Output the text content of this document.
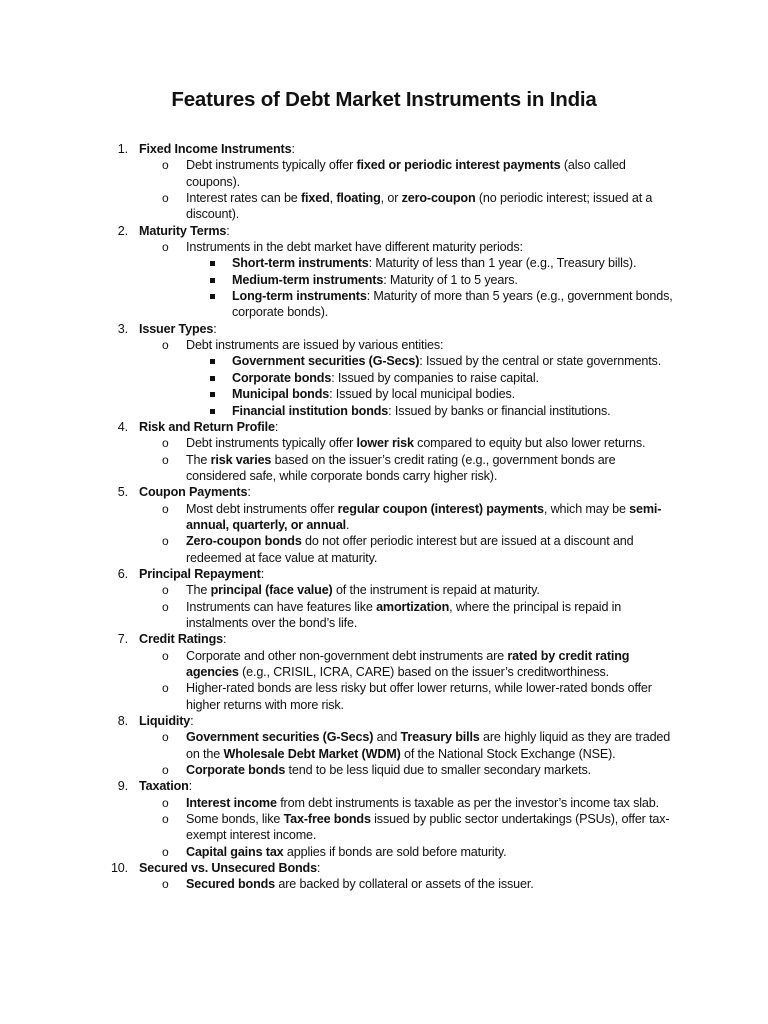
Features of Debt Market Instruments in India
1. Fixed Income Instruments:
o Debt instruments typically offer fixed or periodic interest payments (also called coupons).
o Interest rates can be fixed, floating, or zero-coupon (no periodic interest; issued at a discount).
2. Maturity Terms:
o Instruments in the debt market have different maturity periods:
Short-term instruments: Maturity of less than 1 year (e.g., Treasury bills).
Medium-term instruments: Maturity of 1 to 5 years.
Long-term instruments: Maturity of more than 5 years (e.g., government bonds, corporate bonds).
3. Issuer Types:
o Debt instruments are issued by various entities:
Government securities (G-Secs): Issued by the central or state governments.
Corporate bonds: Issued by companies to raise capital.
Municipal bonds: Issued by local municipal bodies.
Financial institution bonds: Issued by banks or financial institutions.
4. Risk and Return Profile:
o Debt instruments typically offer lower risk compared to equity but also lower returns.
o The risk varies based on the issuer’s credit rating (e.g., government bonds are considered safe, while corporate bonds carry higher risk).
5. Coupon Payments:
o Most debt instruments offer regular coupon (interest) payments, which may be semi-annual, quarterly, or annual.
o Zero-coupon bonds do not offer periodic interest but are issued at a discount and redeemed at face value at maturity.
6. Principal Repayment:
o The principal (face value) of the instrument is repaid at maturity.
o Instruments can have features like amortization, where the principal is repaid in instalments over the bond’s life.
7. Credit Ratings:
o Corporate and other non-government debt instruments are rated by credit rating agencies (e.g., CRISIL, ICRA, CARE) based on the issuer’s creditworthiness.
o Higher-rated bonds are less risky but offer lower returns, while lower-rated bonds offer higher returns with more risk.
8. Liquidity:
o Government securities (G-Secs) and Treasury bills are highly liquid as they are traded on the Wholesale Debt Market (WDM) of the National Stock Exchange (NSE).
o Corporate bonds tend to be less liquid due to smaller secondary markets.
9. Taxation:
o Interest income from debt instruments is taxable as per the investor’s income tax slab.
o Some bonds, like Tax-free bonds issued by public sector undertakings (PSUs), offer tax-exempt interest income.
o Capital gains tax applies if bonds are sold before maturity.
10. Secured vs. Unsecured Bonds:
o Secured bonds are backed by collateral or assets of the issuer.
